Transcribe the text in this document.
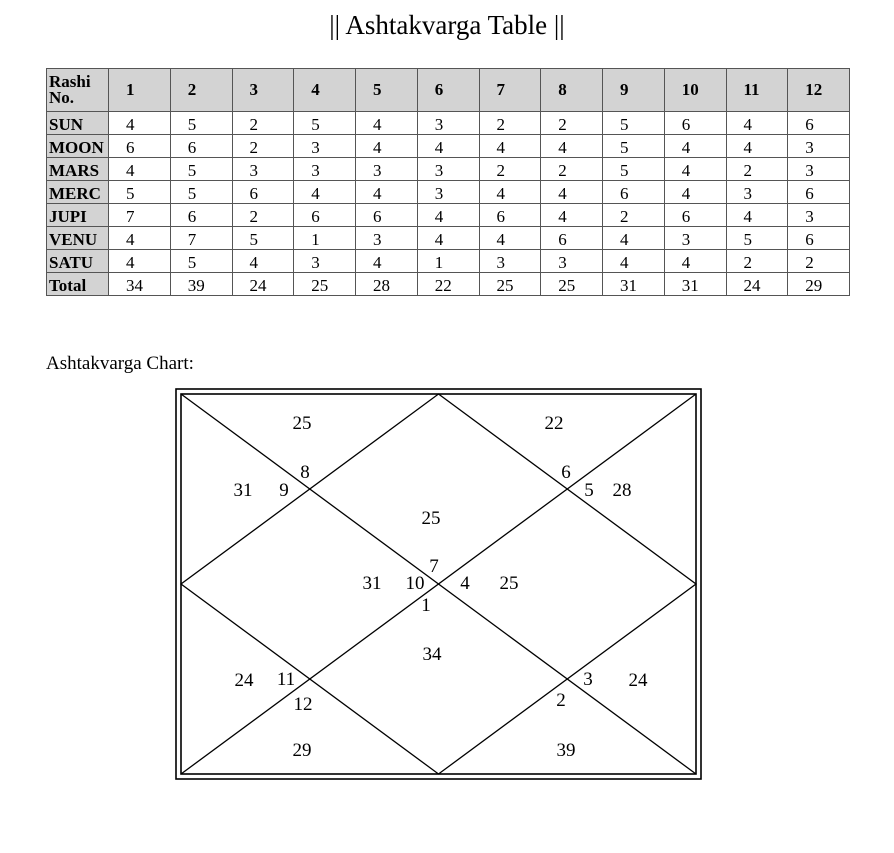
|| Ashtakvarga Table ||
Rashi No.	1	2	3	4	5	6	7	8	9	10	11	12
SUN	4	5	2	5	4	3	2	2	5	6	4	6
MOON	6	6	2	3	4	4	4	4	5	4	4	3
MARS	4	5	3	3	3	3	2	2	5	4	2	3
MERC	5	5	6	4	4	3	4	4	6	4	3	6
JUPI	7	6	2	6	6	4	6	4	2	6	4	3
VENU	4	7	5	1	3	4	4	6	4	3	5	6
SATU	4	5	4	3	4	1	3	3	4	4	2	2
Total	34	39	24	25	28	22	25	25	31	31	24	29
Ashtakvarga Chart:
1
34
2
39
3 24
4 25
5 28
6
22
7
25
8
25
9
31
10
31
11
24
12
29
